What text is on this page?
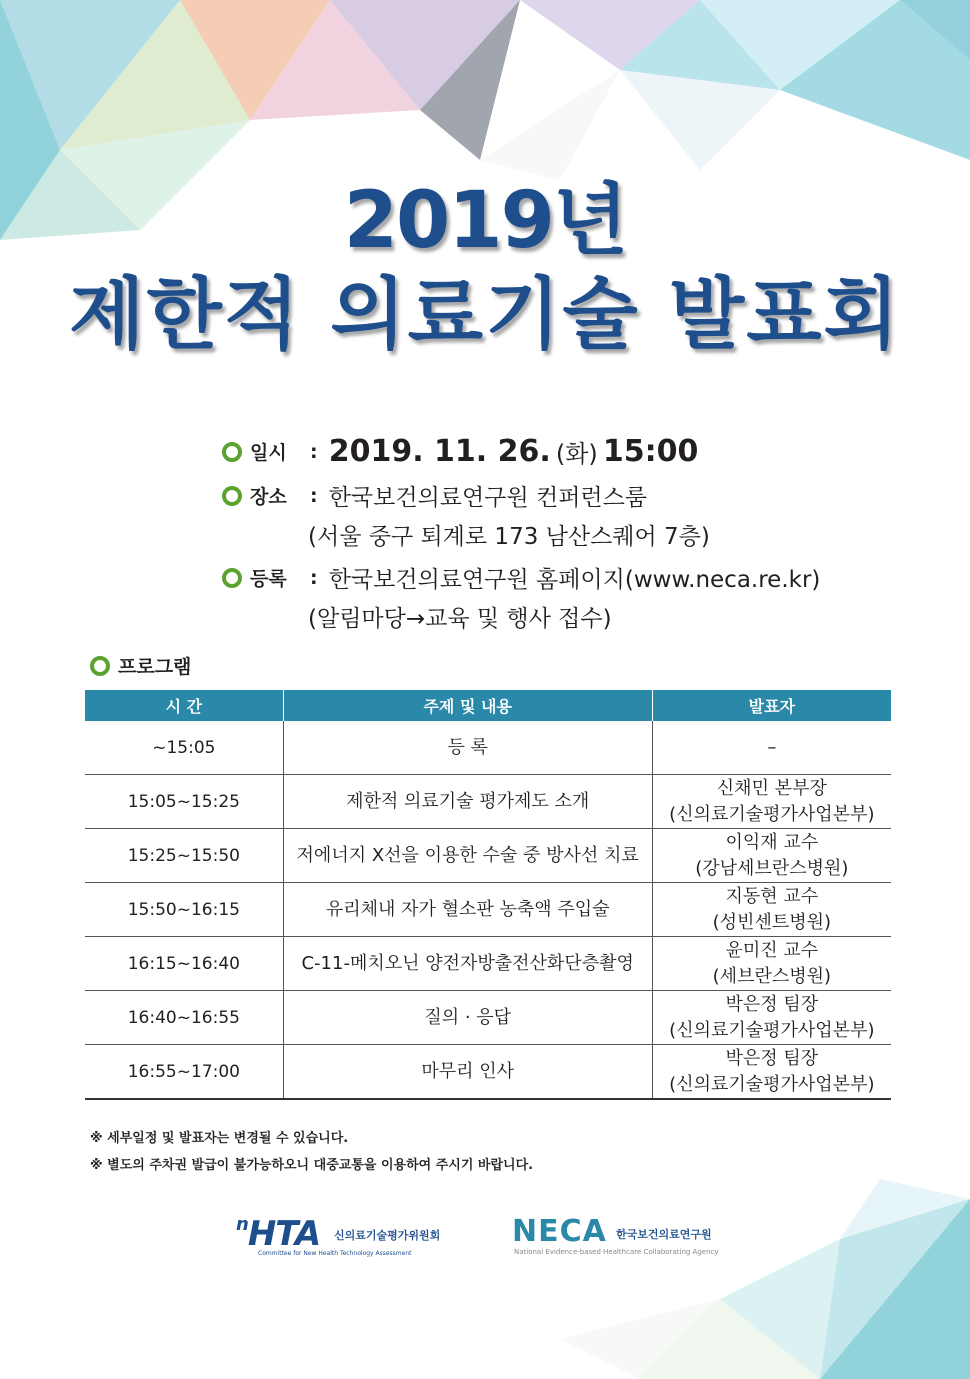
2019년
제한적 의료기술 발표회
일시 : 2019. 11. 26. (화) 15:00
장소 : 한국보건의료연구원 컨퍼런스룸
(서울 중구 퇴계로 173 남산스퀘어 7층)
등록 : 한국보건의료연구원 홈페이지(www.neca.re.kr)
(알림마당→교육 및 행사 접수)
프로그램
시 간	주제 및 내용	발표자
~15:05	등 록	–

15:05~15:25	제한적 의료기술 평가제도 소개	신채민 본부장
(신의료기술평가사업본부)

15:25~15:50	저에너지 X선을 이용한 수술 중 방사선 치료	이익재 교수
(강남세브란스병원)

15:50~16:15	유리체내 자가 혈소판 농축액 주입술	지동현 교수
(성빈센트병원)

16:15~16:40	C-11-메치오닌 양전자방출전산화단층촬영	윤미진 교수
(세브란스병원)

16:40~16:55	질의 · 응답	박은정 팀장
(신의료기술평가사업본부)

16:55~17:00	마무리 인사	박은정 팀장
(신의료기술평가사업본부)
※ 세부일정 및 발표자는 변경될 수 있습니다.
※ 별도의 주차권 발급이 불가능하오니 대중교통을 이용하여 주시기 바랍니다.
$^n$HTA 신의료기술평가위원회
Committee for New Health Technology Assessment
NECA 한국보건의료연구원
National Evidence-based Healthcare Collaborating Agency
